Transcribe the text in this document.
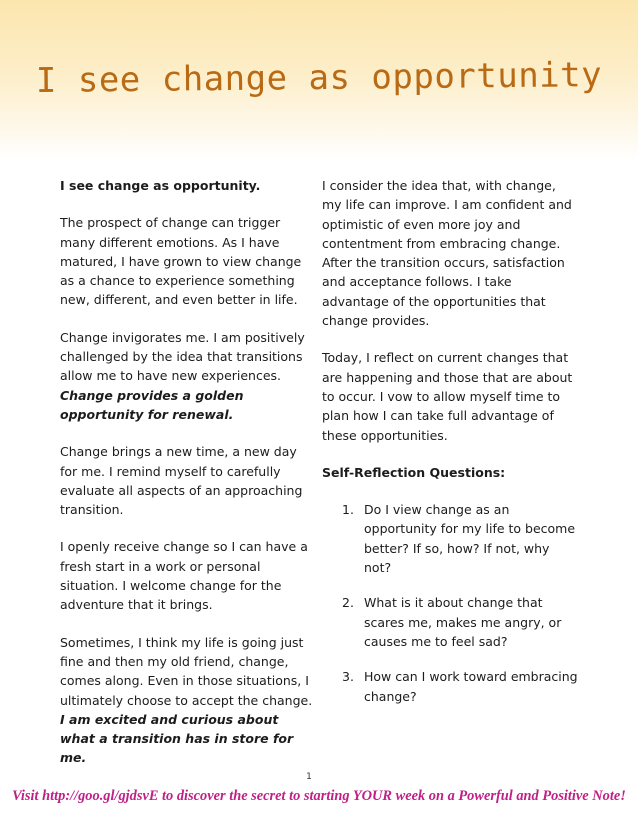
I see change as opportunity

I see change as opportunity.

The prospect of change can trigger many different emotions. As I have matured, I have grown to view change as a chance to experience something new, different, and even better in life.

Change invigorates me. I am positively challenged by the idea that transitions allow me to have new experiences. Change provides a golden opportunity for renewal.

Change brings a new time, a new day for me. I remind myself to carefully evaluate all aspects of an approaching transition.

I openly receive change so I can have a fresh start in a work or personal situation. I welcome change for the adventure that it brings.

Sometimes, I think my life is going just fine and then my old friend, change, comes along. Even in those situations, I ultimately choose to accept the change. I am excited and curious about what a transition has in store for me.

I consider the idea that, with change, my life can improve. I am confident and optimistic of even more joy and contentment from embracing change. After the transition occurs, satisfaction and acceptance follows. I take advantage of the opportunities that change provides.

Today, I reflect on current changes that are happening and those that are about to occur. I vow to allow myself time to plan how I can take full advantage of these opportunities.

Self-Reflection Questions:

1. Do I view change as an opportunity for my life to become better? If so, how? If not, why not?
2. What is it about change that scares me, makes me angry, or causes me to feel sad?
3. How can I work toward embracing change?
1
Visit http://goo.gl/gjdsvE to discover the secret to starting YOUR week on a Powerful and Positive Note!
